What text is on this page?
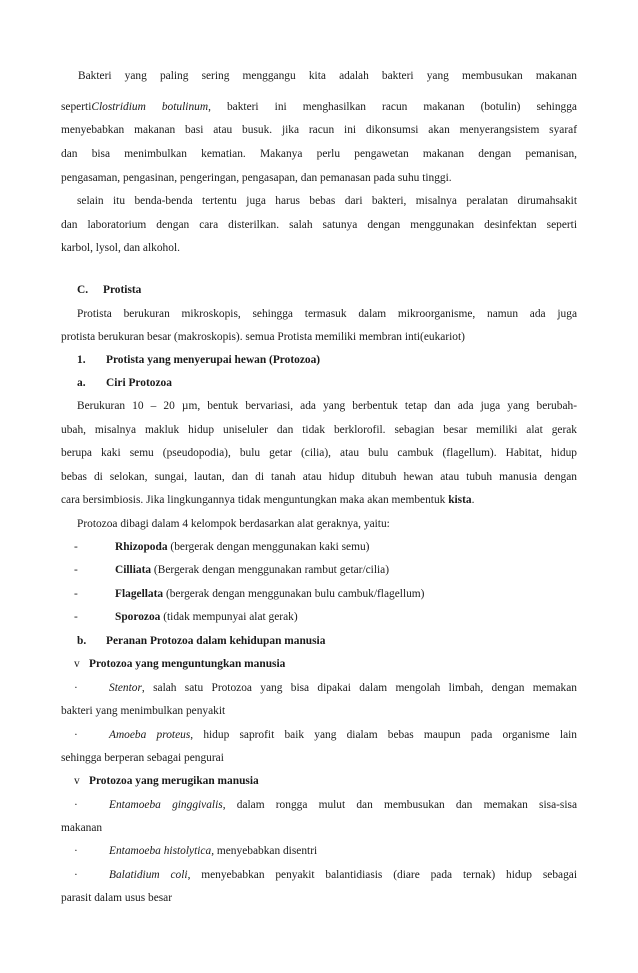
Bakteri yang paling sering menggangu kita adalah bakteri yang membusukan makanan
sepertiClostridium botulinum, bakteri ini menghasilkan racun makanan (botulin) sehingga
menyebabkan makanan basi atau busuk. jika racun ini dikonsumsi akan menyerangsistem syaraf
dan bisa menimbulkan kematian. Makanya perlu pengawetan makanan dengan pemanisan,
pengasaman, pengasinan, pengeringan, pengasapan, dan pemanasan pada suhu tinggi.
selain itu benda-benda tertentu juga harus bebas dari bakteri, misalnya peralatan dirumahsakit
dan laboratorium dengan cara disterilkan. salah satunya dengan menggunakan desinfektan seperti
karbol, lysol, dan alkohol.
C. Protista
Protista berukuran mikroskopis, sehingga termasuk dalam mikroorganisme, namun ada juga
protista berukuran besar (makroskopis). semua Protista memiliki membran inti(eukariot)
1. Protista yang menyerupai hewan (Protozoa)
a. Ciri Protozoa
Berukuran 10 – 20 µm, bentuk bervariasi, ada yang berbentuk tetap dan ada juga yang berubah-
ubah, misalnya makluk hidup uniseluler dan tidak berklorofil. sebagian besar memiliki alat gerak
berupa kaki semu (pseudopodia), bulu getar (cilia), atau bulu cambuk (flagellum). Habitat, hidup
bebas di selokan, sungai, lautan, dan di tanah atau hidup ditubuh hewan atau tubuh manusia dengan
cara bersimbiosis. Jika lingkungannya tidak menguntungkan maka akan membentuk kista.
Protozoa dibagi dalam 4 kelompok berdasarkan alat geraknya, yaitu:
-	Rhizopoda (bergerak dengan menggunakan kaki semu)
-	Cilliata (Bergerak dengan menggunakan rambut getar/cilia)
-	Flagellata (bergerak dengan menggunakan bulu cambuk/flagellum)
-	Sporozoa (tidak mempunyai alat gerak)
b. Peranan Protozoa dalam kehidupan manusia
v Protozoa yang menguntungkan manusia
·	Stentor, salah satu Protozoa yang bisa dipakai dalam mengolah limbah, dengan memakan
bakteri yang menimbulkan penyakit
·	Amoeba proteus, hidup saprofit baik yang dialam bebas maupun pada organisme lain
sehingga berperan sebagai pengurai
v Protozoa yang merugikan manusia
·	Entamoeba ginggivalis, dalam rongga mulut dan membusukan dan memakan sisa-sisa
makanan
·	Entamoeba histolytica, menyebabkan disentri
·	Balatidium coli, menyebabkan penyakit balantidiasis (diare pada ternak) hidup sebagai
parasit dalam usus besar
